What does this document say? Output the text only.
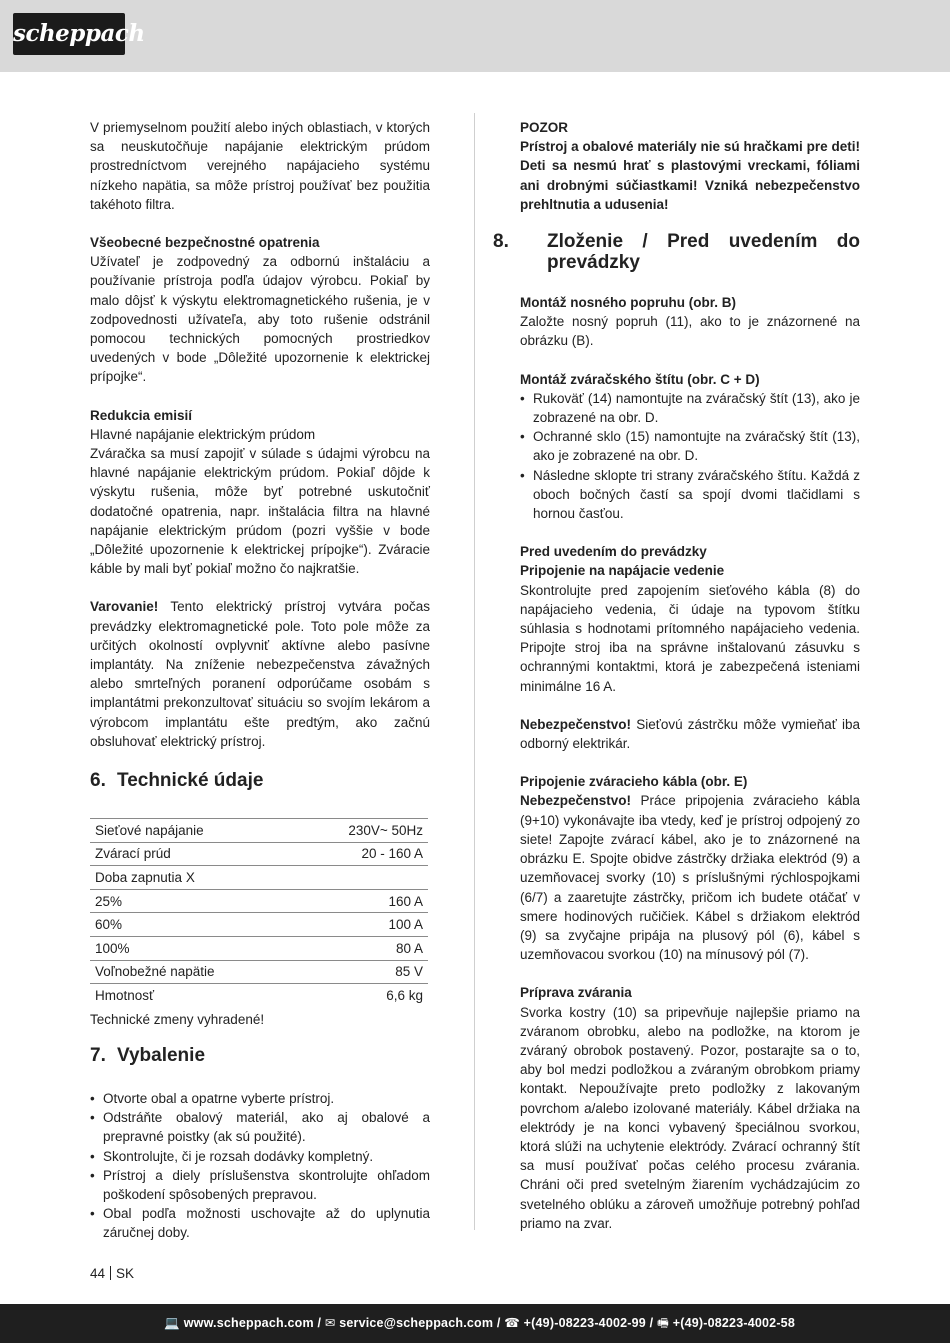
scheppach

V priemyselnom použití alebo iných oblastiach, v ktorých sa neuskutočňuje napájanie elektrickým prúdom prostredníctvom verejného napájacieho systému nízkeho napätia, sa môže prístroj používať bez použitia takéhoto filtra.

Všeobecné bezpečnostné opatrenia

Užívateľ je zodpovedný za odbornú inštaláciu a používanie prístroja podľa údajov výrobcu. Pokiaľ by malo dôjsť k výskytu elektromagnetického rušenia, je v zodpovednosti užívateľa, aby toto rušenie odstránil pomocou technických pomocných prostriedkov uvedených v bode „Dôležité upozornenie k elektrickej prípojke“.

Redukcia emisií
Hlavné napájanie elektrickým prúdom

Zváračka sa musí zapojiť v súlade s údajmi výrobcu na hlavné napájanie elektrickým prúdom. Pokiaľ dôjde k výskytu rušenia, môže byť potrebné uskutočniť dodatočné opatrenia, napr. inštalácia filtra na hlavné napájanie elektrickým prúdom (pozri vyššie v bode „Dôležité upozornenie k elektrickej prípojke“). Zváracie káble by mali byť pokiaľ možno čo najkratšie.

Varovanie! Tento elektrický prístroj vytvára počas prevádzky elektromagnetické pole. Toto pole môže za určitých okolností ovplyvniť aktívne alebo pasívne implantáty. Na zníženie nebezpečenstva závažných alebo smrteľných poranení odporúčame osobám s implantátmi prekonzultovať situáciu so svojím lekárom a výrobcom implantátu ešte predtým, ako začnú obsluhovať elektrický prístroj.

6. Technické údaje
Sieťové napájanie	230V~ 50Hz
Zvárací prúd	20 - 160 A
Doba zapnutia X	
25%	160 A
60%	100 A
100%	80 A
Voľnobežné napätie	85 V
Hmotnosť	6,6 kg
Technické zmeny vyhradené!
7. Vybalenie
• Otvorte obal a opatrne vyberte prístroj.
• Odstráňte obalový materiál, ako aj obalové a prepravné poistky (ak sú použité).
• Skontrolujte, či je rozsah dodávky kompletný.
• Prístroj a diely príslušenstva skontrolujte ohľadom poškodení spôsobených prepravou.
• Obal podľa možnosti uschovajte až do uplynutia záručnej doby.
POZOR

Prístroj a obalové materiály nie sú hračkami pre deti! Deti sa nesmú hrať s plastovými vreckami, fóliami ani drobnými súčiastkami! Vzniká nebezpečenstvo prehltnutia a udusenia!

8. Zloženie / Pred uvedením do prevádzky
Montáž nosného popruhu (obr. B)

Založte nosný popruh (11), ako to je znázornené na obrázku (B).

Montáž zváračského štítu (obr. C + D)
• Rukoväť (14) namontujte na zváračský štít (13), ako je zobrazené na obr. D.
• Ochranné sklo (15) namontujte na zváračský štít (13), ako je zobrazené na obr. D.
• Následne sklopte tri strany zváračského štítu. Každá z oboch bočných častí sa spojí dvomi tlačidlami s hornou časťou.
Pred uvedením do prevádzky
Pripojenie na napájacie vedenie

Skontrolujte pred zapojením sieťového kábla (8) do napájacieho vedenia, či údaje na typovom štítku súhlasia s hodnotami prítomného napájacieho vedenia. Pripojte stroj iba na správne inštalovanú zásuvku s ochrannými kontaktmi, ktorá je zabezpečená isteniami minimálne 16 A.

Nebezpečenstvo! Sieťovú zástrčku môže vymieňať iba odborný elektrikár.

Pripojenie zváracieho kábla (obr. E)

Nebezpečenstvo! Práce pripojenia zváracieho kábla (9+10) vykonávajte iba vtedy, keď je prístroj odpojený zo siete! Zapojte zvárací kábel, ako je to znázornené na obrázku E. Spojte obidve zástrčky držiaka elektród (9) a uzemňovacej svorky (10) s príslušnými rýchlospojkami (6/7) a zaaretujte zástrčky, pričom ich budete otáčať v smere hodinových ručičiek. Kábel s držiakom elektród (9) sa zvyčajne pripája na plusový pól (6), kábel s uzemňovacou svorkou (10) na mínusový pól (7).

Príprava zvárania

Svorka kostry (10) sa pripevňuje najlepšie priamo na zváranom obrobku, alebo na podložke, na ktorom je zváraný obrobok postavený. Pozor, postarajte sa o to, aby bol medzi podložkou a zváraným obrobkom priamy kontakt. Nepoužívajte preto podložky z lakovaným povrchom a/alebo izolované materiály. Kábel držiaka na elektródy je na konci vybavený špeciálnou svorkou, ktorá slúži na uchytenie elektródy. Zvárací ochranný štít sa musí používať počas celého procesu zvárania. Chráni oči pred svetelným žiarením vychádzajúcim zo svetelného oblúku a zároveň umožňuje potrebný pohľad priamo na zvar.

44 SK
💻 www.scheppach.com / ✉ service@scheppach.com / ☎ +(49)-08223-4002-99 / 🖷 +(49)-08223-4002-58
